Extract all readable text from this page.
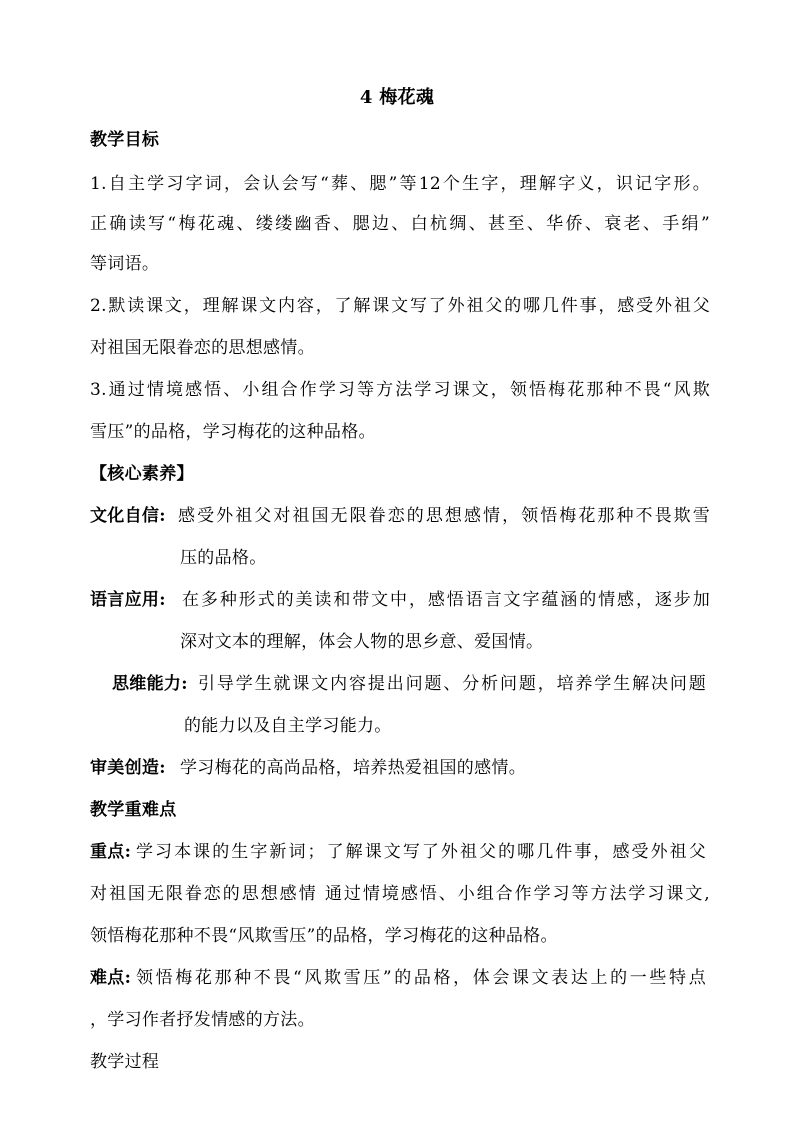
4 梅花魂
教学目标
1.自主学习字词，会认会写“葬、腮”等12个生字，理解字义，识记字形。
正确读写“梅花魂、缕缕幽香、腮边、白杭绸、甚至、华侨、衰老、手绢”
等词语。
2.默读课文，理解课文内容，了解课文写了外祖父的哪几件事，感受外祖父
对祖国无限眷恋的思想感情。
3.通过情境感悟、小组合作学习等方法学习课文，领悟梅花那种不畏“风欺
雪压”的品格，学习梅花的这种品格。
【核心素养】
文化自信: 感受外祖父对祖国无限眷恋的思想感情，领悟梅花那种不畏欺雪
压的品格。
语言应用: 在多种形式的美读和带文中，感悟语言文字蕴涵的情感，逐步加
深对文本的理解，体会人物的思乡意、爱国情。
思维能力: 引导学生就课文内容提出问题、分析问题，培养学生解决问题
的能力以及自主学习能力。
审美创造: 学习梅花的高尚品格，培养热爱祖国的感情。
教学重难点
重点: 学习本课的生字新词；了解课文写了外祖父的哪几件事，感受外祖父
对祖国无限眷恋的思想感情 通过情境感悟、小组合作学习等方法学习课文,
领悟梅花那种不畏“风欺雪压”的品格，学习梅花的这种品格。
难点: 领悟梅花那种不畏“风欺雪压”的品格，体会课文表达上的一些特点
，学习作者抒发情感的方法。
教学过程
